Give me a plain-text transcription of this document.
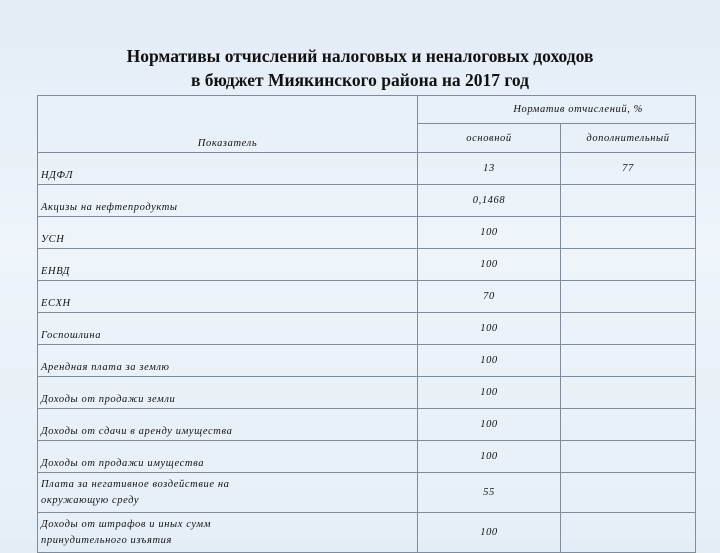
Нормативы отчислений налоговых и неналоговых доходов
в бюджет Миякинского района на 2017 год
Показатель	Норматив отчислений, %	
	основной	дополнительный
НДФЛ	13	77
Акцизы на нефтепродукты	0,1468	
УСН	100	
ЕНВД	100	
ЕСХН	70	
Госпошлина	100	
Арендная плата за землю	100	
Доходы от продажи земли	100	
Доходы от сдачи в аренду имущества	100	
Доходы от продажи имущества	100	

Плата за негативное воздействие на
окружающую среду	55	

Доходы от штрафов и иных сумм
принудительного изъятия	100	
